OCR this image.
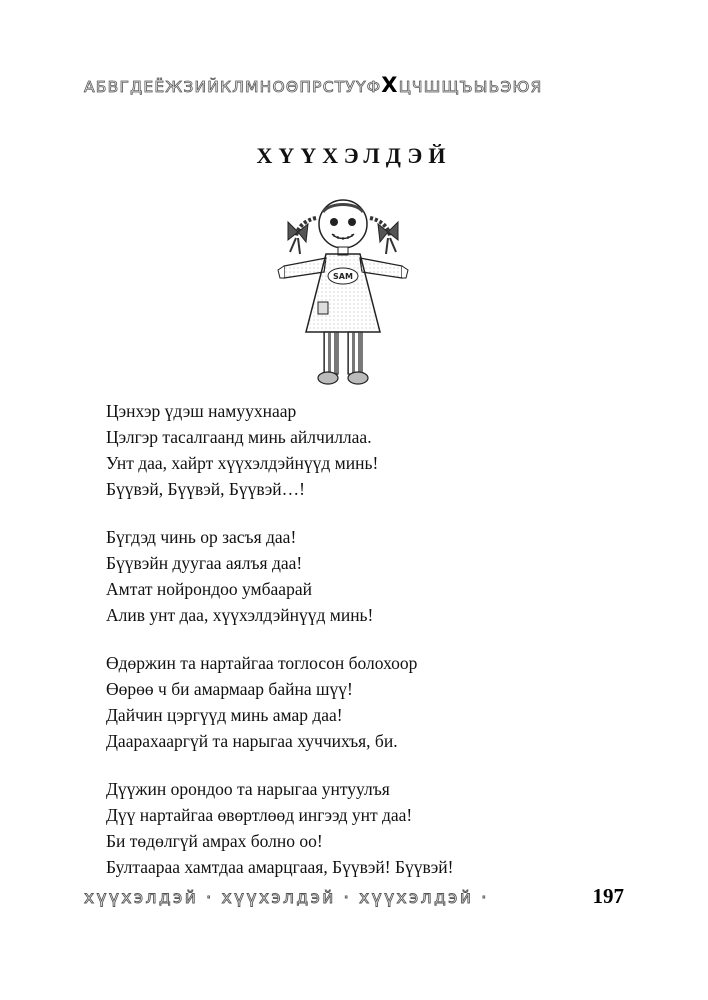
АБВГДЕЁЖЗИЙКЛМНОӨПРСТУҮФХЦЧШЩЪЫЬЭЮЯ
ХҮҮХЭЛДЭЙ
SAM
Цэнхэр үдэш намуухнаар
Цэлгэр тасалгаанд минь айлчиллаа.
Унт даа, хайрт хүүхэлдэйнүүд минь!
Бүүвэй, Бүүвэй, Бүүвэй…!
Бүгдэд чинь ор засъя даа!
Бүүвэйн дуугаа аялъя даа!
Амтат нойрондоо умбаарай
Алив унт даа, хүүхэлдэйнүүд минь!
Өдөржин та нартайгаа тоглосон болохоор
Өөрөө ч би амармаар байна шүү!
Дайчин цэргүүд минь амар даа!
Даарахааргүй та нарыгаа хуччихъя, би.
Дүүжин орондоо та нарыгаа унтуулъя
Дүү нартайгаа өвөртлөөд ингээд унт даа!
Би төдөлгүй амрах болно оо!
Бултаараа хамтдаа амарцгаая, Бүүвэй! Бүүвэй!
хүүхэлдэй · хүүхэлдэй · хүүхэлдэй ·	197
